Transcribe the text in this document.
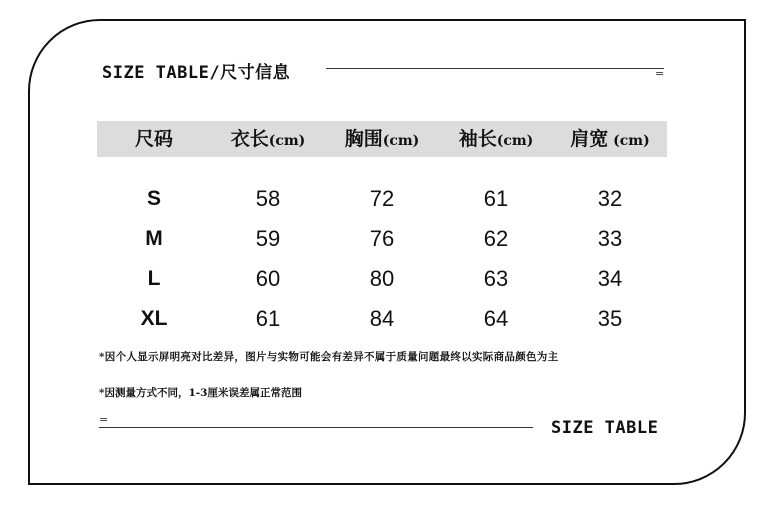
SIZE TABLE/尺寸信息	=
尺码	衣长(cm)	胸围(cm)	袖长(cm)	肩宽 (cm)
S	58	72	61	32
M	59	76	62	33
L	60	80	63	34
XL	61	84	64	35
*因个人显示屏明亮对比差异，图片与实物可能会有差异不属于质量问题最终以实际商品颜色为主
*因测量方式不同，1-3厘米误差属正常范围
=	SIZE TABLE
